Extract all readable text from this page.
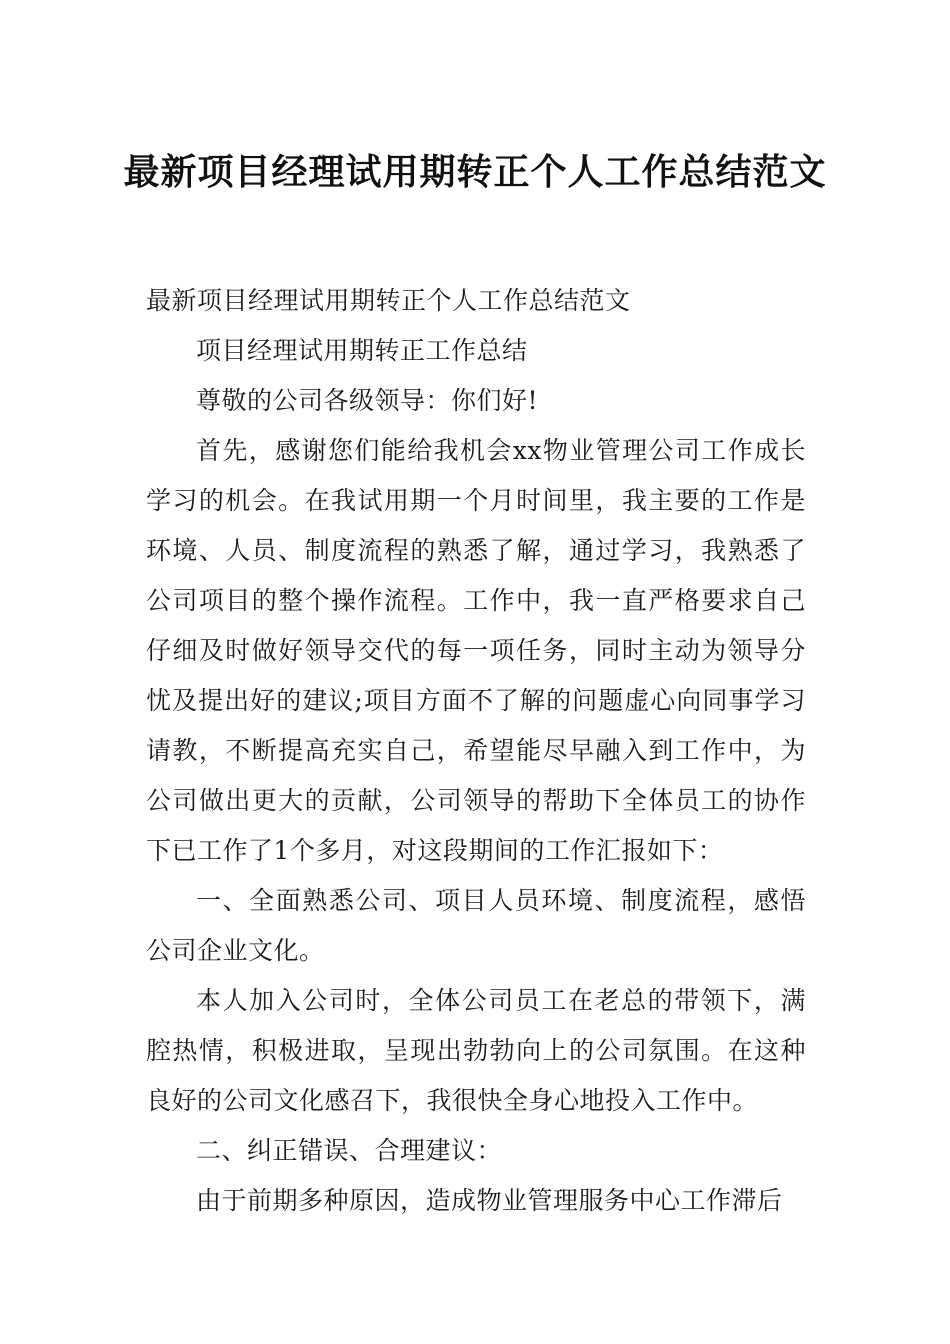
最新项目经理试用期转正个人工作总结范文

最新项目经理试用期转正个人工作总结范文

项目经理试用期转正工作总结

尊敬的公司各级领导：你们好!

首先，感谢您们能给我机会xx物业管理公司工作成长学习的机会。在我试用期一个月时间里，我主要的工作是环境、人员、制度流程的熟悉了解，通过学习，我熟悉了公司项目的整个操作流程。工作中，我一直严格要求自己仔细及时做好领导交代的每一项任务，同时主动为领导分忧及提出好的建议;项目方面不了解的问题虚心向同事学习请教，不断提高充实自己，希望能尽早融入到工作中，为公司做出更大的贡献，公司领导的帮助下全体员工的协作下已工作了1个多月，对这段期间的工作汇报如下：

一、全面熟悉公司、项目人员环境、制度流程，感悟公司企业文化。

本人加入公司时，全体公司员工在老总的带领下，满腔热情，积极进取，呈现出勃勃向上的公司氛围。在这种良好的公司文化感召下，我很快全身心地投入工作中。

二、纠正错误、合理建议：

由于前期多种原因，造成物业管理服务中心工作滞后
